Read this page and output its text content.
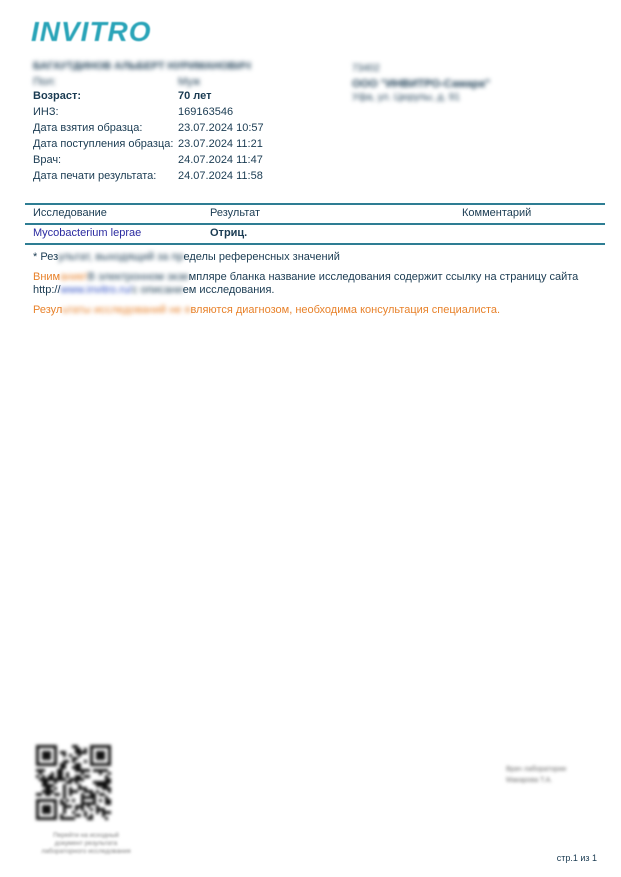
INVITRO
БАГАУТДИНОВ АЛЬБЕРТ НУРИМАНОВИЧ
Пол:	Муж
Возраст:	70 лет
ИНЗ:	169163546
Дата взятия образца:	23.07.2024 10:57
Дата поступления образца: 23.07.2024 11:21
Врач:	24.07.2024 11:47
Дата печати результата: 24.07.2024 11:58
73402
ООО "ИНВИТРО-Самара"
Уфа, ул. Цюрупы, д. 91
Исследование	Результат	Комментарий
Mycobacterium leprae	Отриц.
* Результат, выходящий за пределы референсных значений
Внимание!В электронном экземпляре бланка название исследования содержит ссылку на страницу сайта
http://www.invitro.ru/с описанием исследования.
Результаты исследований не являются диагнозом, необходима консультация специалиста.
Перейти на исходный
документ результата
лабораторного исследования
Врач лаборатории
Макарова Т.А.
стр.1 из 1
